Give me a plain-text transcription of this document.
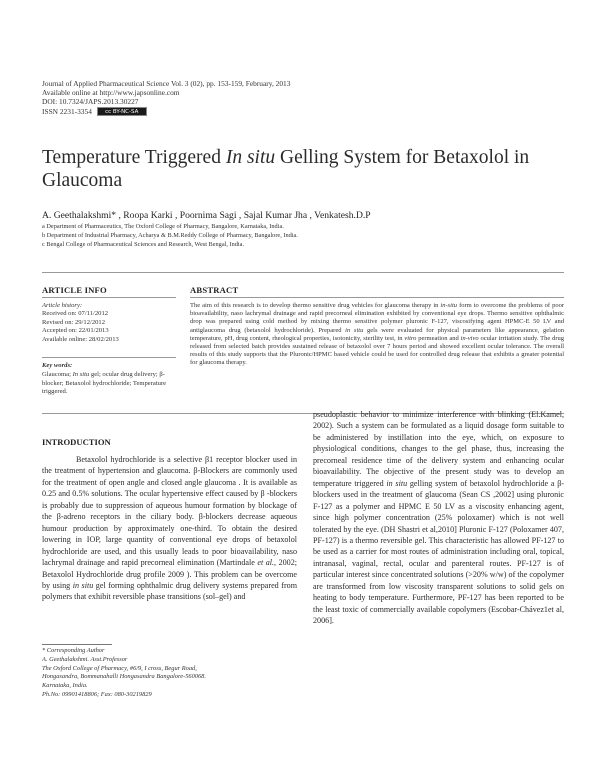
Journal of Applied Pharmaceutical Science Vol. 3 (02), pp. 153-159, February, 2013
Available online at http://www.japsonline.com
DOI: 10.7324/JAPS.2013.30227
ISSN 2231-3354 cc BY-NC-SA
Temperature Triggered In situ Gelling System for Betaxolol in Glaucoma
A. Geethalakshmi* , Roopa Karki , Poornima Sagi , Sajal Kumar Jha , Venkatesh.D.P
a Department of Pharmaceutics, The Oxford College of Pharmacy, Bangalore, Karnataka, India.
b Department of Industrial Pharmacy, Acharya & B.M.Reddy College of Pharmacy, Bangalore, India.
c Bengal College of Pharmaceutical Sciences and Research, West Bengal, India.
ARTICLE INFO	ABSTRACT
Article history:
Received on: 07/11/2012
Revised on: 29/12/2012
Accepted on: 22/01/2013
Available online: 28/02/2013
Key words:
Glaucoma; In situ gel; ocular drug delivery; β-blocker; Betaxolol hydrochloride; Temperature triggered.
The aim of this research is to develop thermo sensitive drug vehicles for glaucoma therapy in in-situ form to overcome the problems of poor bioavailability, naso lachrymal drainage and rapid precorneal elimination exhibited by conventional eye drops. Thermo sensitive ophthalmic drop was prepared using cold method by mixing thermo sensitive polymer pluronic F-127, viscosifying agent HPMC-E 50 LV and antiglaucoma drug (betaxolol hydrochloride). Prepared in situ gels were evaluated for physical parameters like appearance, gelation temperature, pH, drug content, rheological properties, isotonicity, sterility test, in vitro permeation and in-vivo ocular irritation study. The drug released from selected batch provides sustained release of betaxolol over 7 hours period and showed excellent ocular tolerance. The overall results of this study supports that the Pluronic/HPMC based vehicle could be used for controlled drug release that exhibits a greater potential for glaucoma therapy.
INTRODUCTION
Betaxolol hydrochloride is a selective β1 receptor blocker used in the treatment of hypertension and glaucoma. β-Blockers are commonly used for the treatment of open angle and closed angle glaucoma . It is available as 0.25 and 0.5% solutions. The ocular hypertensive effect caused by β -blockers is probably due to suppression of aqueous humour formation by blockage of the β-adreno receptors in the ciliary body. β-blockers decrease aqueous humour production by approximately one-third. To obtain the desired lowering in IOP, large quantity of conventional eye drops of betaxolol hydrochloride are used, and this usually leads to poor bioavailability, naso lachrymal drainage and rapid precorneal elimination (Martindale et al., 2002; Betaxolol Hydrochloride drug profile 2009 ). This problem can be overcome by using in situ gel forming ophthalmic drug delivery systems prepared from polymers that exhibit reversible phase transitions (sol–gel) and
pseudoplastic behavior to minimize interference with blinking (El.Kamel, 2002). Such a system can be formulated as a liquid dosage form suitable to be administered by instillation into the eye, which, on exposure to physiological conditions, changes to the gel phase, thus, increasing the precorneal residence time of the delivery system and enhancing ocular bioavailability. The objective of the present study was to develop an temperature triggered in situ gelling system of betaxolol hydrochloride a β-blockers used in the treatment of glaucoma (Sean CS ,2002] using pluronic F-127 as a polymer and HPMC E 50 LV as a viscosity enhancing agent, since high polymer concentration (25% poloxamer) which is not well tolerated by the eye. (DH Shastri et al,2010] Pluronic F-127 (Poloxamer 407, PF-127) is a thermo reversible gel. This characteristic has allowed PF-127 to be used as a carrier for most routes of administration including oral, topical, intranasal, vaginal, rectal, ocular and parenteral routes. PF-127 is of particular interest since concentrated solutions (>20% w/w) of the copolymer are transformed from low viscosity transparent solutions to solid gels on heating to body temperature. Furthermore, PF-127 has been reported to be the least toxic of commercially available copolymers (Escobar-Chávez1et al, 2006].
* Corresponding Author
A. Geethalakshmi. Asst.Professor
The Oxford College of Pharmacy, #6/9, I cross, Begur Road,
Hongasandra, Bommanahalli Hongasandra Bangalore-560068.
Karnataka, India.
Ph.No: 09901418806; Fax: 080-30219829
